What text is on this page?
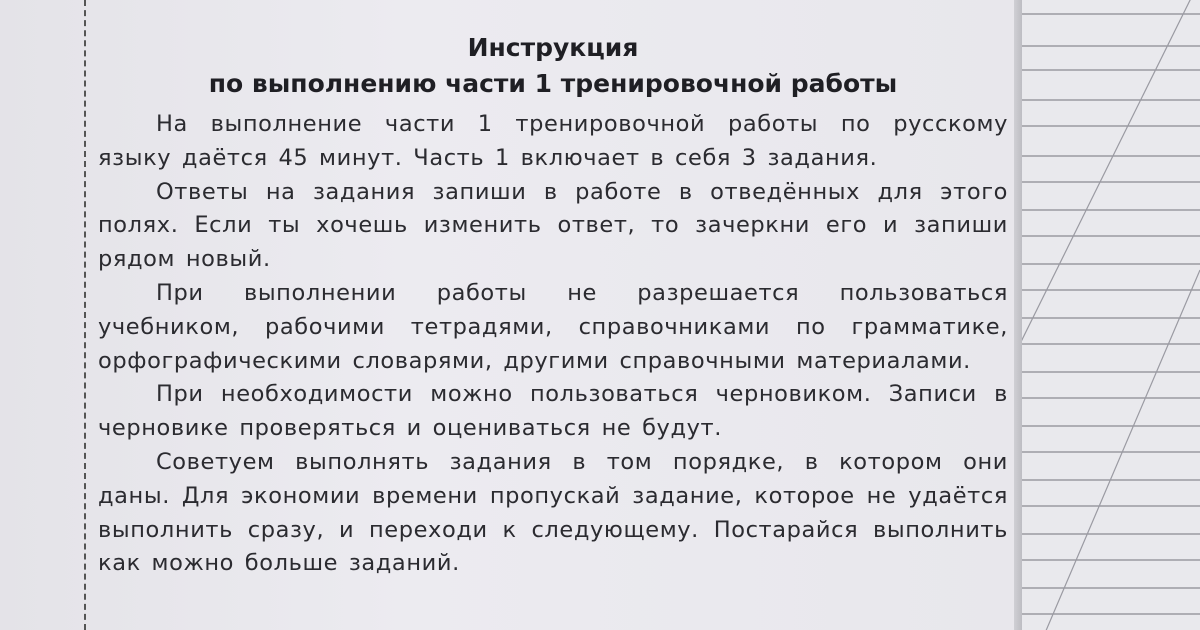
Инструкция
по выполнению части 1 тренировочной работы

На выполнение части 1 тренировочной работы по русскому языку даётся 45 минут. Часть 1 включает в себя 3 задания.

Ответы на задания запиши в работе в отведённых для этого полях. Если ты хочешь изменить ответ, то зачеркни его и запиши рядом новый.

При выполнении работы не разрешается пользоваться учебником, рабочими тетрадями, справочниками по грамматике, орфографическими словарями, другими справочными материалами.

При необходимости можно пользоваться черновиком. Записи в черновике проверяться и оцениваться не будут.

Советуем выполнять задания в том порядке, в котором они даны. Для экономии времени пропускай задание, которое не удаётся выполнить сразу, и переходи к следующему. Постарайся выполнить как можно больше заданий.
